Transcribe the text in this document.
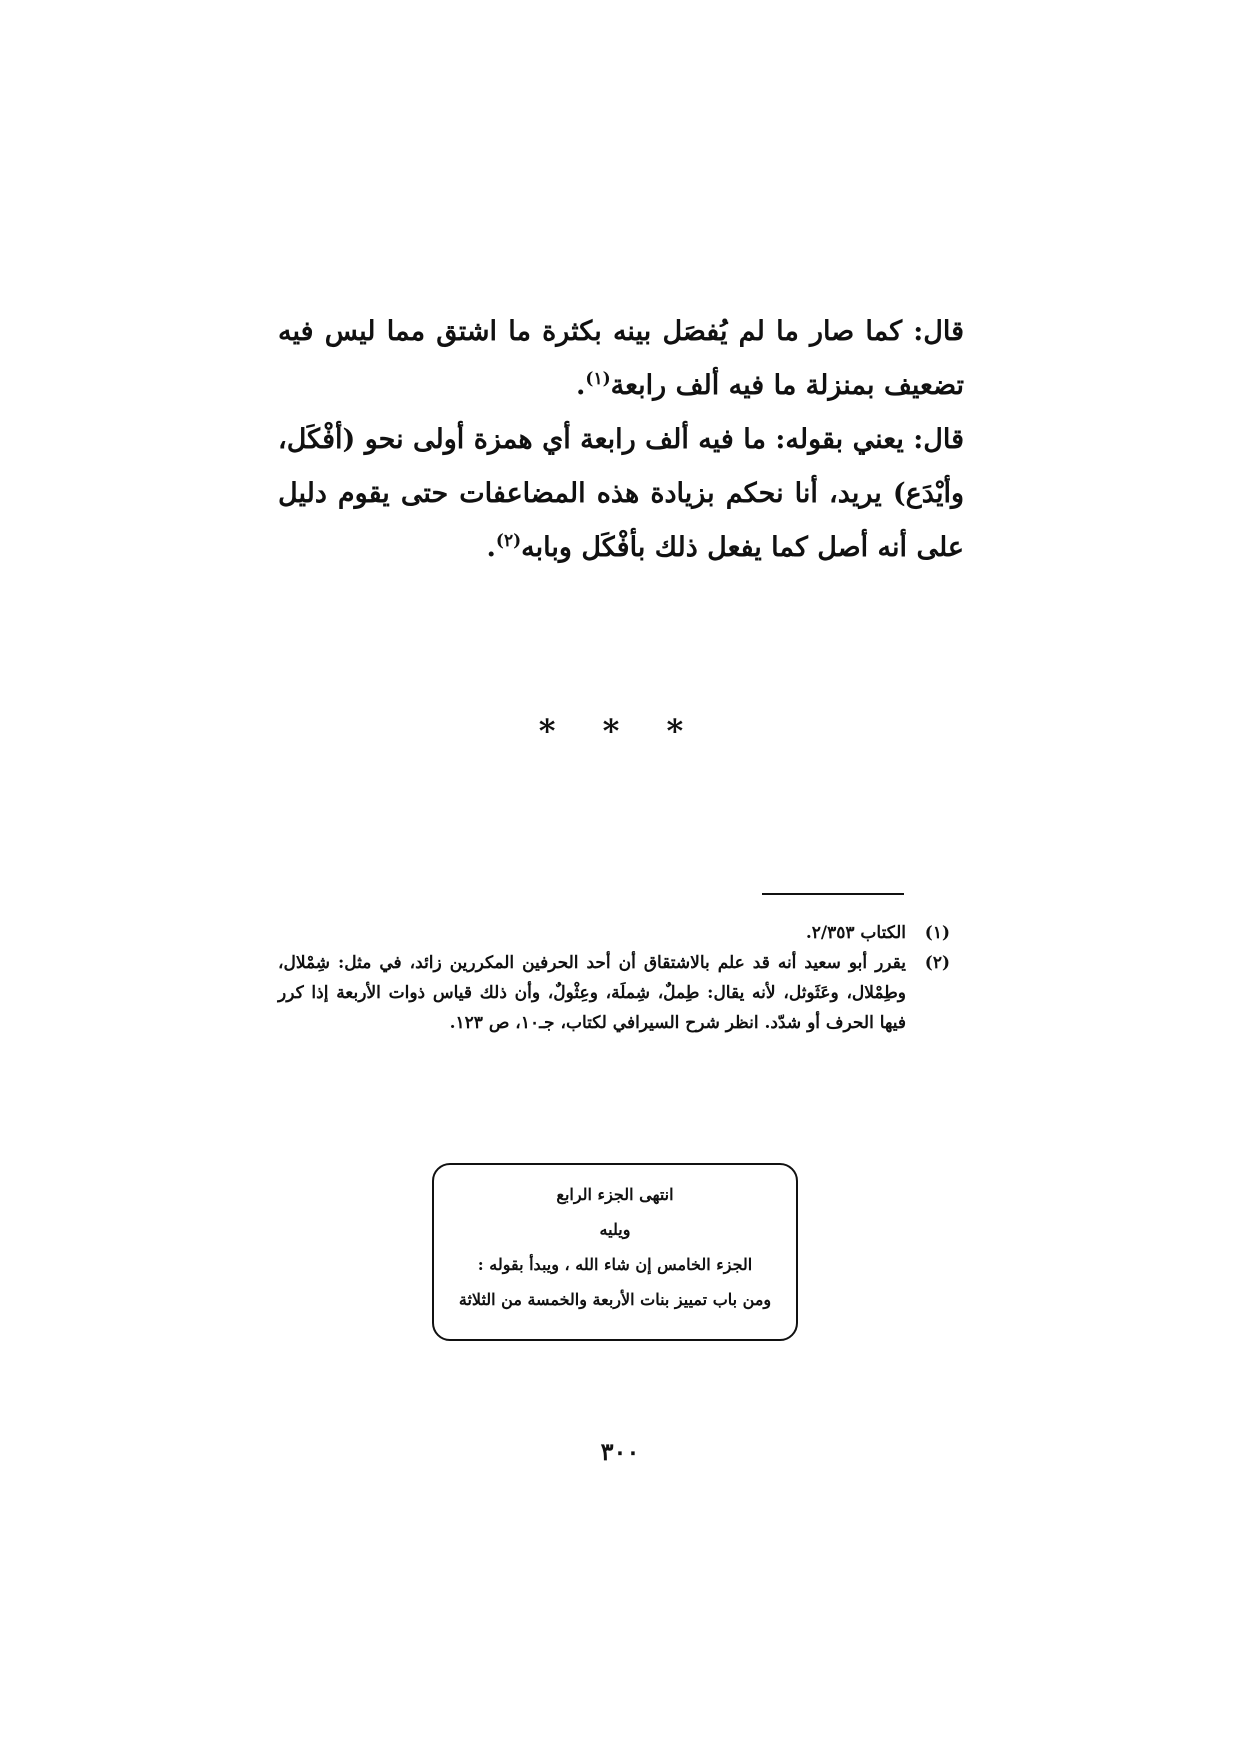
قال: كما صار ما لم يُفصَل بينه بكثرة ما اشتق مما ليس فيه تضعيف بمنزلة ما فيه ألف رابعة$^{(١)}$.

قال: يعني بقوله: ما فيه ألف رابعة أي همزة أولى نحو (أفْكَل، وأيْدَع) يريد، أنا نحكم بزيادة هذه المضاعفات حتى يقوم دليل على أنه أصل كما يفعل ذلك بأفْكَل وبابه$^{(٢)}$.

* * *
(١)
الكتاب ٢/٣٥٣.
(٢)
يقرر أبو سعيد أنه قد علم بالاشتقاق أن أحد الحرفين المكررين زائد، في مثل: شِمْلال، وطِمْلال، وعَثَوثل، لأنه يقال: طِملٌ، شِملَة، وعِثْولٌ، وأن ذلك قياس ذوات الأربعة إذا كرر فيها الحرف أو شدّد. انظر شرح السيرافي لكتاب، جـ١٠، ص ١٢٣.
انتهى الجزء الرابع
ويليه
الجزء الخامس إن شاء الله ، ويبدأ بقوله :
ومن باب تمييز بنات الأربعة والخمسة من الثلاثة
٣٠٠
